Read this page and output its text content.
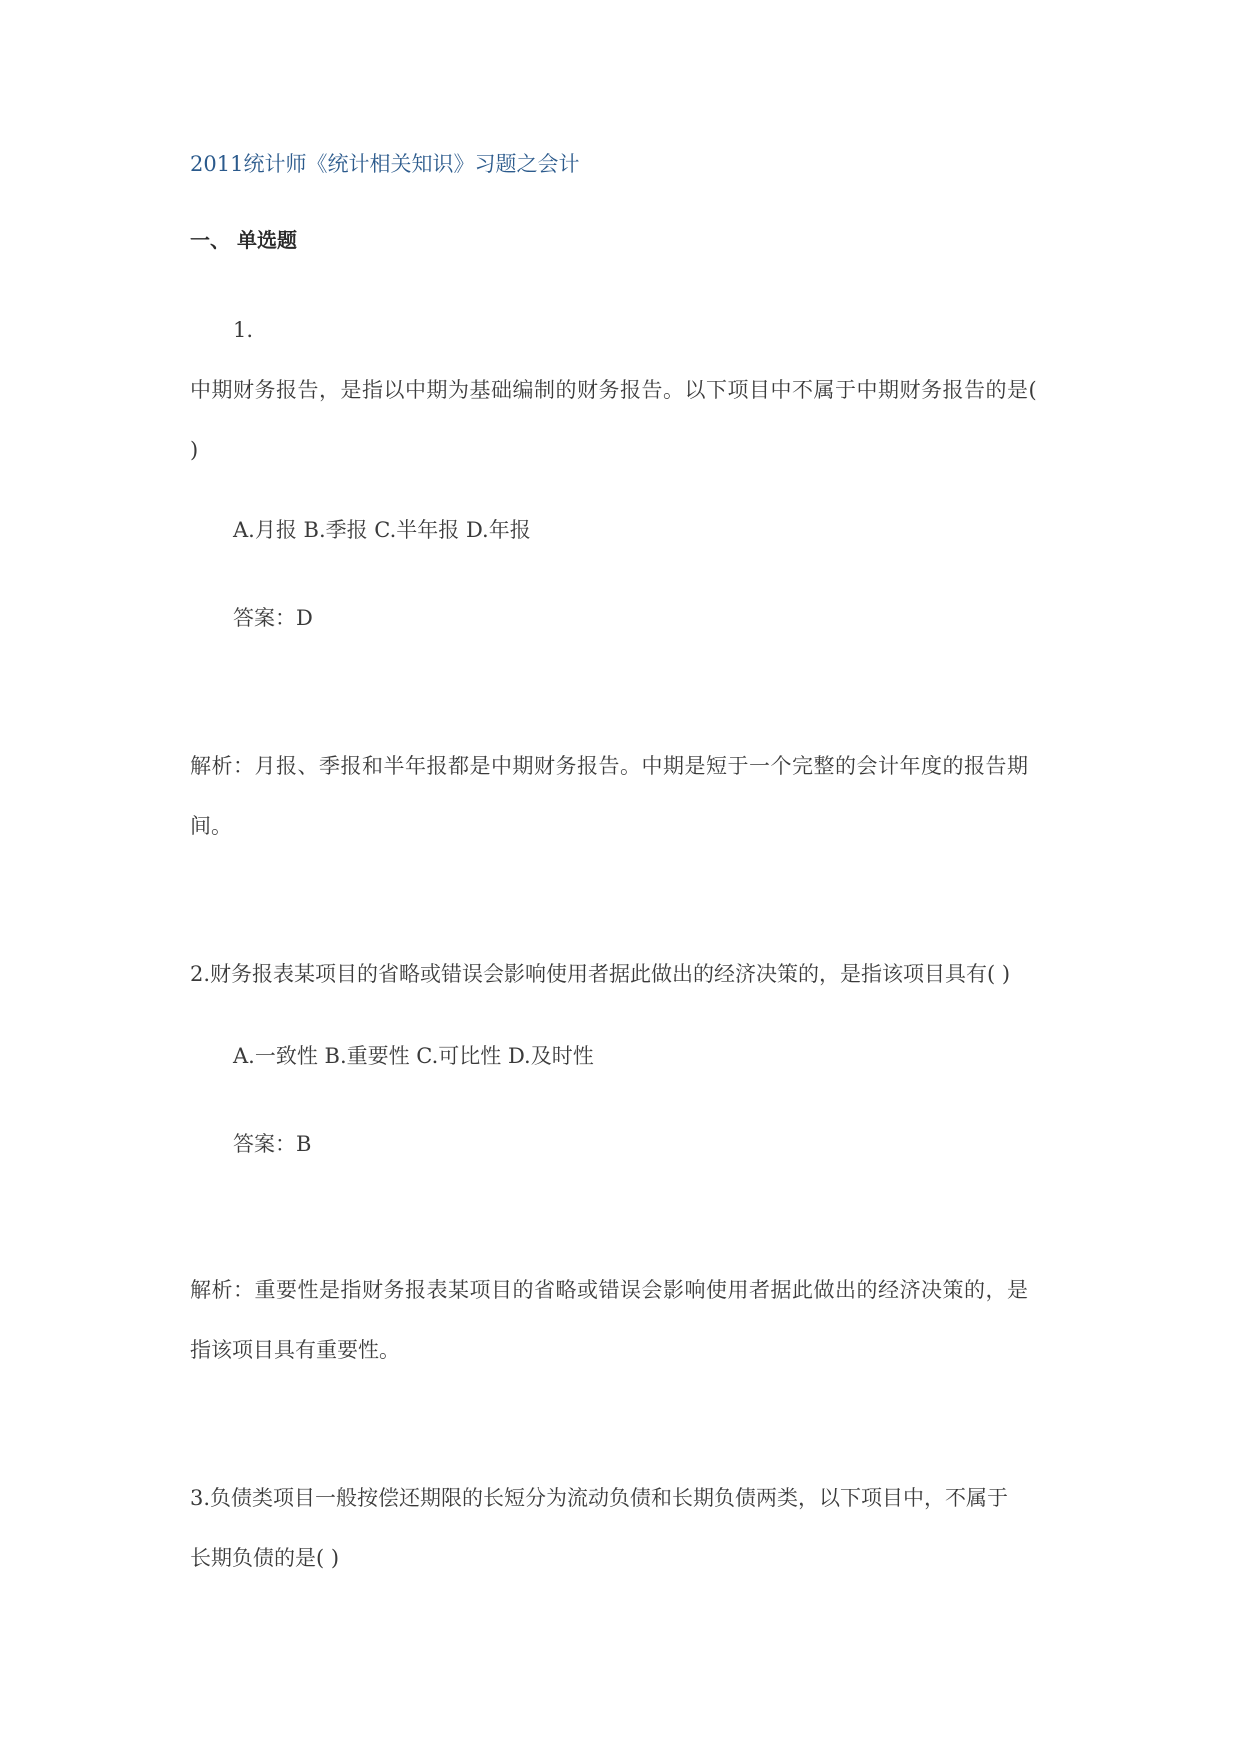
2011统计师《统计相关知识》习题之会计
一、 单选题
1.
中期财务报告，是指以中期为基础编制的财务报告。以下项目中不属于中期财务报告的是(
)
A.月报 B.季报 C.半年报 D.年报
答案：D
解析：月报、季报和半年报都是中期财务报告。中期是短于一个完整的会计年度的报告期
间。
2.财务报表某项目的省略或错误会影响使用者据此做出的经济决策的，是指该项目具有( )
A.一致性 B.重要性 C.可比性 D.及时性
答案：B
解析：重要性是指财务报表某项目的省略或错误会影响使用者据此做出的经济决策的，是
指该项目具有重要性。
3.负债类项目一般按偿还期限的长短分为流动负债和长期负债两类，以下项目中，不属于
长期负债的是( )
